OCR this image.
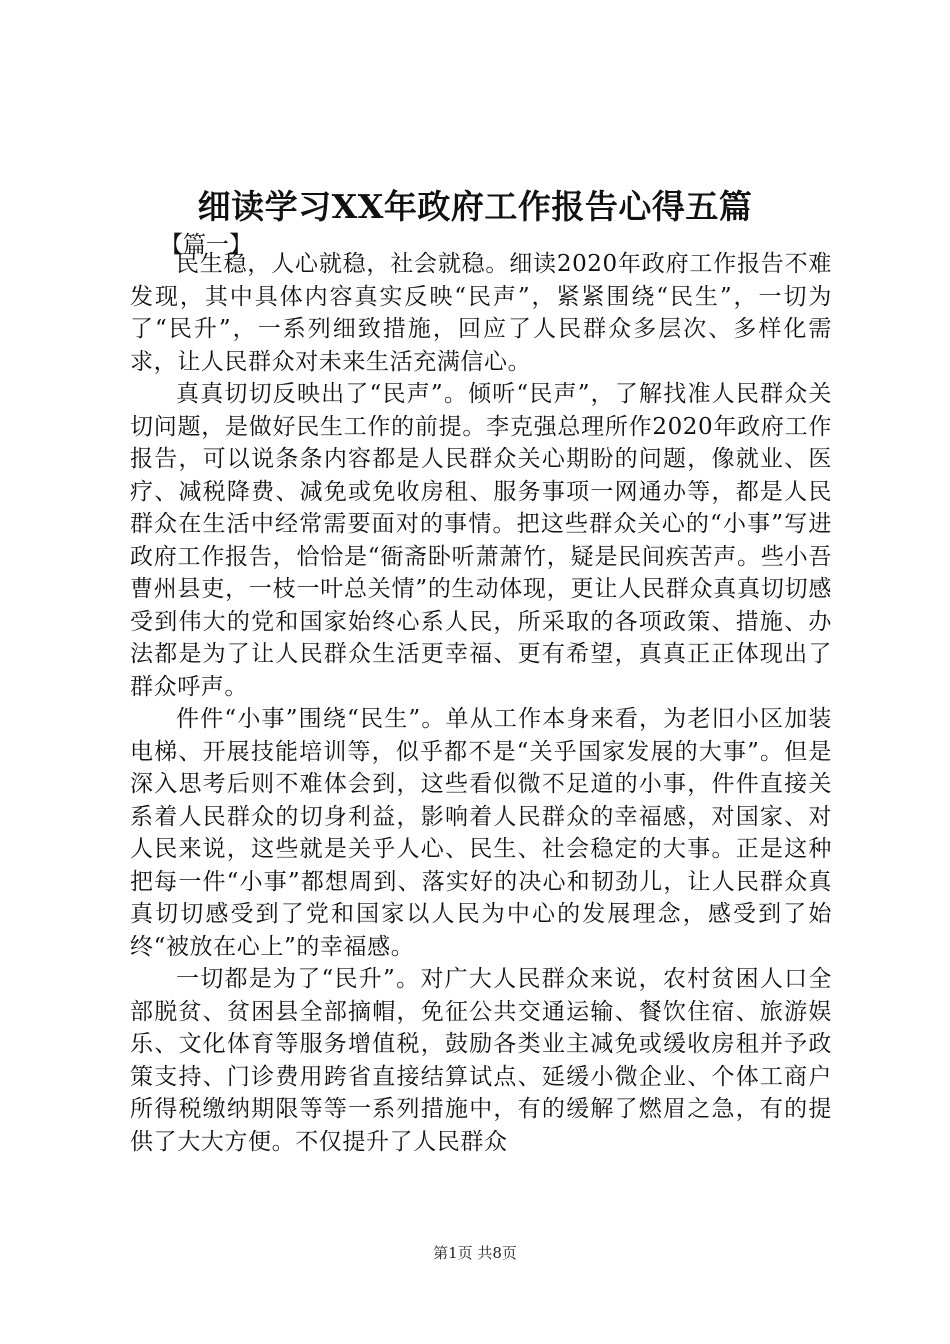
细读学习XX年政府工作报告心得五篇
【篇一】

民生稳，人心就稳，社会就稳。细读2020年政府工作报告不难发现，其中具体内容真实反映“民声”，紧紧围绕“民生”，一切为了“民升”，一系列细致措施，回应了人民群众多层次、多样化需求，让人民群众对未来生活充满信心。

真真切切反映出了“民声”。倾听“民声”，了解找准人民群众关切问题，是做好民生工作的前提。李克强总理所作2020年政府工作报告，可以说条条内容都是人民群众关心期盼的问题，像就业、医疗、减税降费、减免或免收房租、服务事项一网通办等，都是人民群众在生活中经常需要面对的事情。把这些群众关心的“小事”写进政府工作报告，恰恰是“衙斋卧听萧萧竹，疑是民间疾苦声。些小吾曹州县吏，一枝一叶总关情”的生动体现，更让人民群众真真切切感受到伟大的党和国家始终心系人民，所采取的各项政策、措施、办法都是为了让人民群众生活更幸福、更有希望，真真正正体现出了群众呼声。

件件“小事”围绕“民生”。单从工作本身来看，为老旧小区加装电梯、开展技能培训等，似乎都不是“关乎国家发展的大事”。但是深入思考后则不难体会到，这些看似微不足道的小事，件件直接关系着人民群众的切身利益，影响着人民群众的幸福感，对国家、对人民来说，这些就是关乎人心、民生、社会稳定的大事。正是这种把每一件“小事”都想周到、落实好的决心和韧劲儿，让人民群众真真切切感受到了党和国家以人民为中心的发展理念，感受到了始终“被放在心上”的幸福感。

一切都是为了“民升”。对广大人民群众来说，农村贫困人口全部脱贫、贫困县全部摘帽，免征公共交通运输、餐饮住宿、旅游娱乐、文化体育等服务增值税，鼓励各类业主减免或缓收房租并予政策支持、门诊费用跨省直接结算试点、延缓小微企业、个体工商户所得税缴纳期限等等一系列措施中，有的缓解了燃眉之急，有的提供了大大方便。不仅提升了人民群众

第1页 共8页
